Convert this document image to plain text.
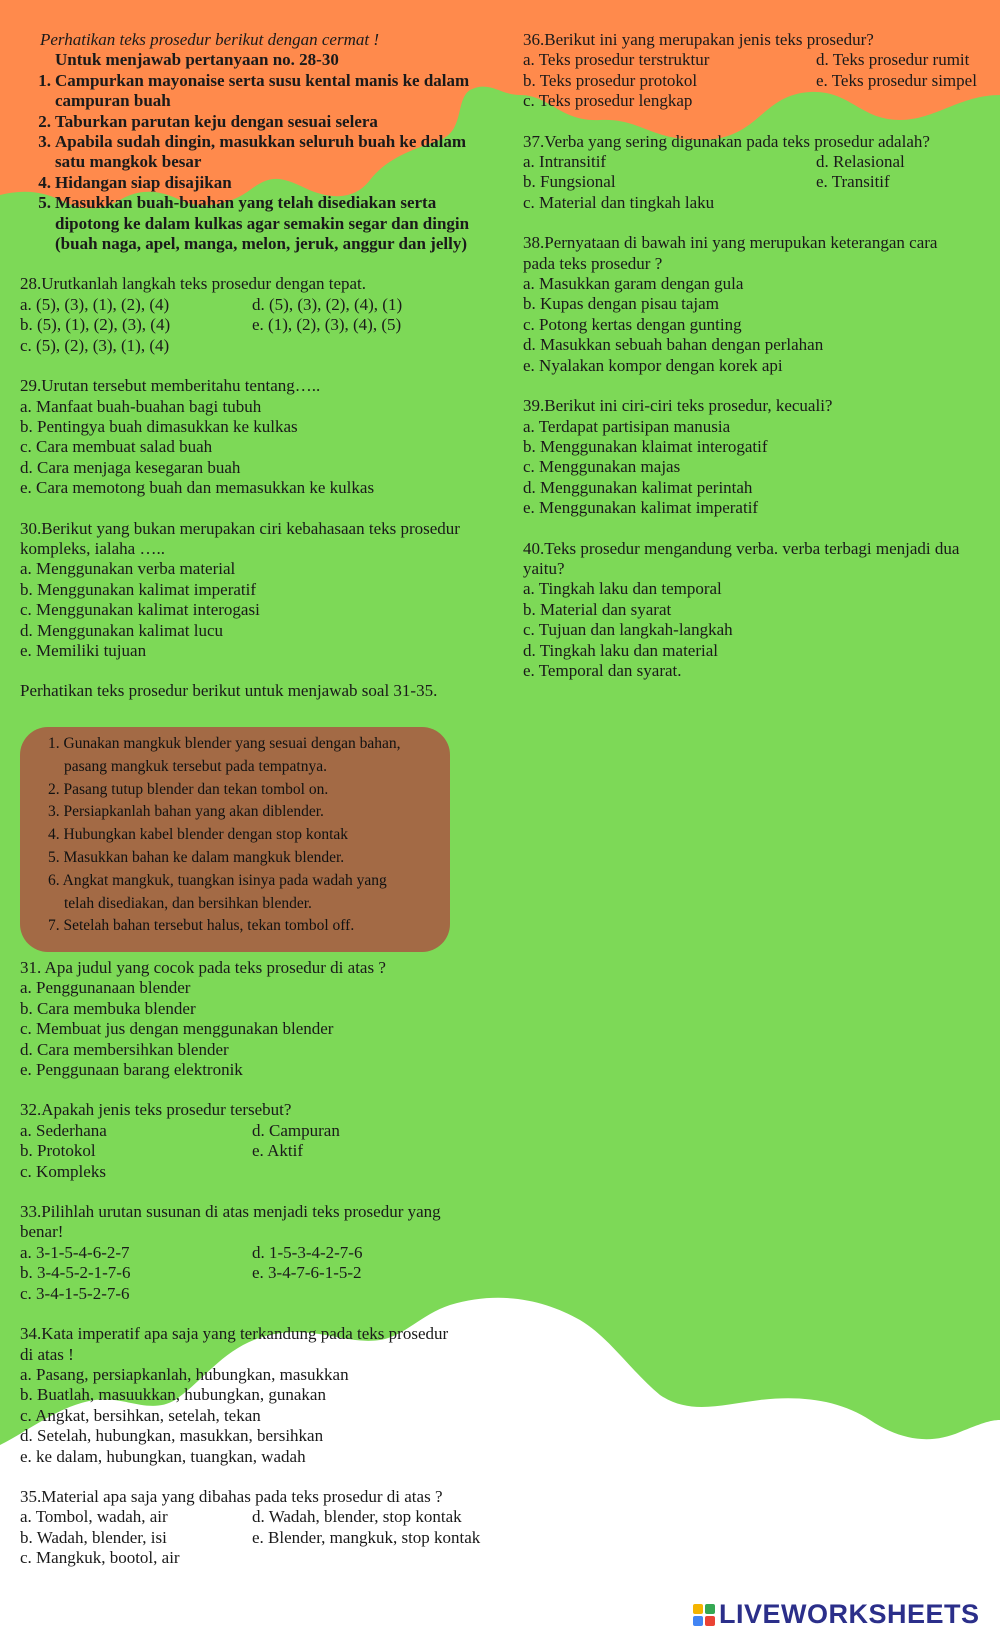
Perhatikan teks prosedur berikut dengan cermat !
Untuk menjawab pertanyaan no. 28-30
1. Campurkan mayonaise serta susu kental manis ke dalam
campuran buah
2. Taburkan parutan keju dengan sesuai selera
3. Apabila sudah dingin, masukkan seluruh buah ke dalam
satu mangkok besar
4. Hidangan siap disajikan
5. Masukkan buah-buahan yang telah disediakan serta
dipotong ke dalam kulkas agar semakin segar dan dingin
(buah naga, apel, manga, melon, jeruk, anggur dan jelly)
28.Urutkanlah langkah teks prosedur dengan tepat.
a. (5), (3), (1), (2), (4)	d. (5), (3), (2), (4), (1)
b. (5), (1), (2), (3), (4)	e. (1), (2), (3), (4), (5)
c. (5), (2), (3), (1), (4)
29.Urutan tersebut memberitahu tentang…..
a. Manfaat buah-buahan bagi tubuh
b. Pentingya buah dimasukkan ke kulkas
c. Cara membuat salad buah
d. Cara menjaga kesegaran buah
e. Cara memotong buah dan memasukkan ke kulkas
30.Berikut yang bukan merupakan ciri kebahasaan teks prosedur
kompleks, ialaha …..
a. Menggunakan verba material
b. Menggunakan kalimat imperatif
c. Menggunakan kalimat interogasi
d. Menggunakan kalimat lucu
e. Memiliki tujuan
Perhatikan teks prosedur berikut untuk menjawab soal 31-35.
1. Gunakan mangkuk blender yang sesuai dengan bahan,
pasang mangkuk tersebut pada tempatnya.
2. Pasang tutup blender dan tekan tombol on.
3. Persiapkanlah bahan yang akan diblender.
4. Hubungkan kabel blender dengan stop kontak
5. Masukkan bahan ke dalam mangkuk blender.
6. Angkat mangkuk, tuangkan isinya pada wadah yang
telah disediakan, dan bersihkan blender.
7. Setelah bahan tersebut halus, tekan tombol off.
31. Apa judul yang cocok pada teks prosedur di atas ?
a. Penggunanaan blender
b. Cara membuka blender
c. Membuat jus dengan menggunakan blender
d. Cara membersihkan blender
e. Penggunaan barang elektronik
32.Apakah jenis teks prosedur tersebut?
a. Sederhana	d. Campuran
b. Protokol	e. Aktif
c. Kompleks
33.Pilihlah urutan susunan di atas menjadi teks prosedur yang
benar!
a. 3-1-5-4-6-2-7	d. 1-5-3-4-2-7-6
b. 3-4-5-2-1-7-6	e. 3-4-7-6-1-5-2
c. 3-4-1-5-2-7-6
34.Kata imperatif apa saja yang terkandung pada teks prosedur
di atas !
a. Pasang, persiapkanlah, hubungkan, masukkan
b. Buatlah, masuukkan, hubungkan, gunakan
c. Angkat, bersihkan, setelah, tekan
d. Setelah, hubungkan, masukkan, bersihkan
e. ke dalam, hubungkan, tuangkan, wadah
35.Material apa saja yang dibahas pada teks prosedur di atas ?
a. Tombol, wadah, air	d. Wadah, blender, stop kontak
b. Wadah, blender, isi	e. Blender, mangkuk, stop kontak
c. Mangkuk, bootol, air
36.Berikut ini yang merupakan jenis teks prosedur?
a. Teks prosedur terstruktur	d. Teks prosedur rumit
b. Teks prosedur protokol	e. Teks prosedur simpel
c. Teks prosedur lengkap
37.Verba yang sering digunakan pada teks prosedur adalah?
a. Intransitif	d. Relasional
b. Fungsional	e. Transitif
c. Material dan tingkah laku
38.Pernyataan di bawah ini yang merupukan keterangan cara
pada teks prosedur ?
a. Masukkan garam dengan gula
b. Kupas dengan pisau tajam
c. Potong kertas dengan gunting
d. Masukkan sebuah bahan dengan perlahan
e. Nyalakan kompor dengan korek api
39.Berikut ini ciri-ciri teks prosedur, kecuali?
a. Terdapat partisipan manusia
b. Menggunakan klaimat interogatif
c. Menggunakan majas
d. Menggunakan kalimat perintah
e. Menggunakan kalimat imperatif
40.Teks prosedur mengandung verba. verba terbagi menjadi dua
yaitu?
a. Tingkah laku dan temporal
b. Material dan syarat
c. Tujuan dan langkah-langkah
d. Tingkah laku dan material
e. Temporal dan syarat.
LIVEWORKSHEETS
